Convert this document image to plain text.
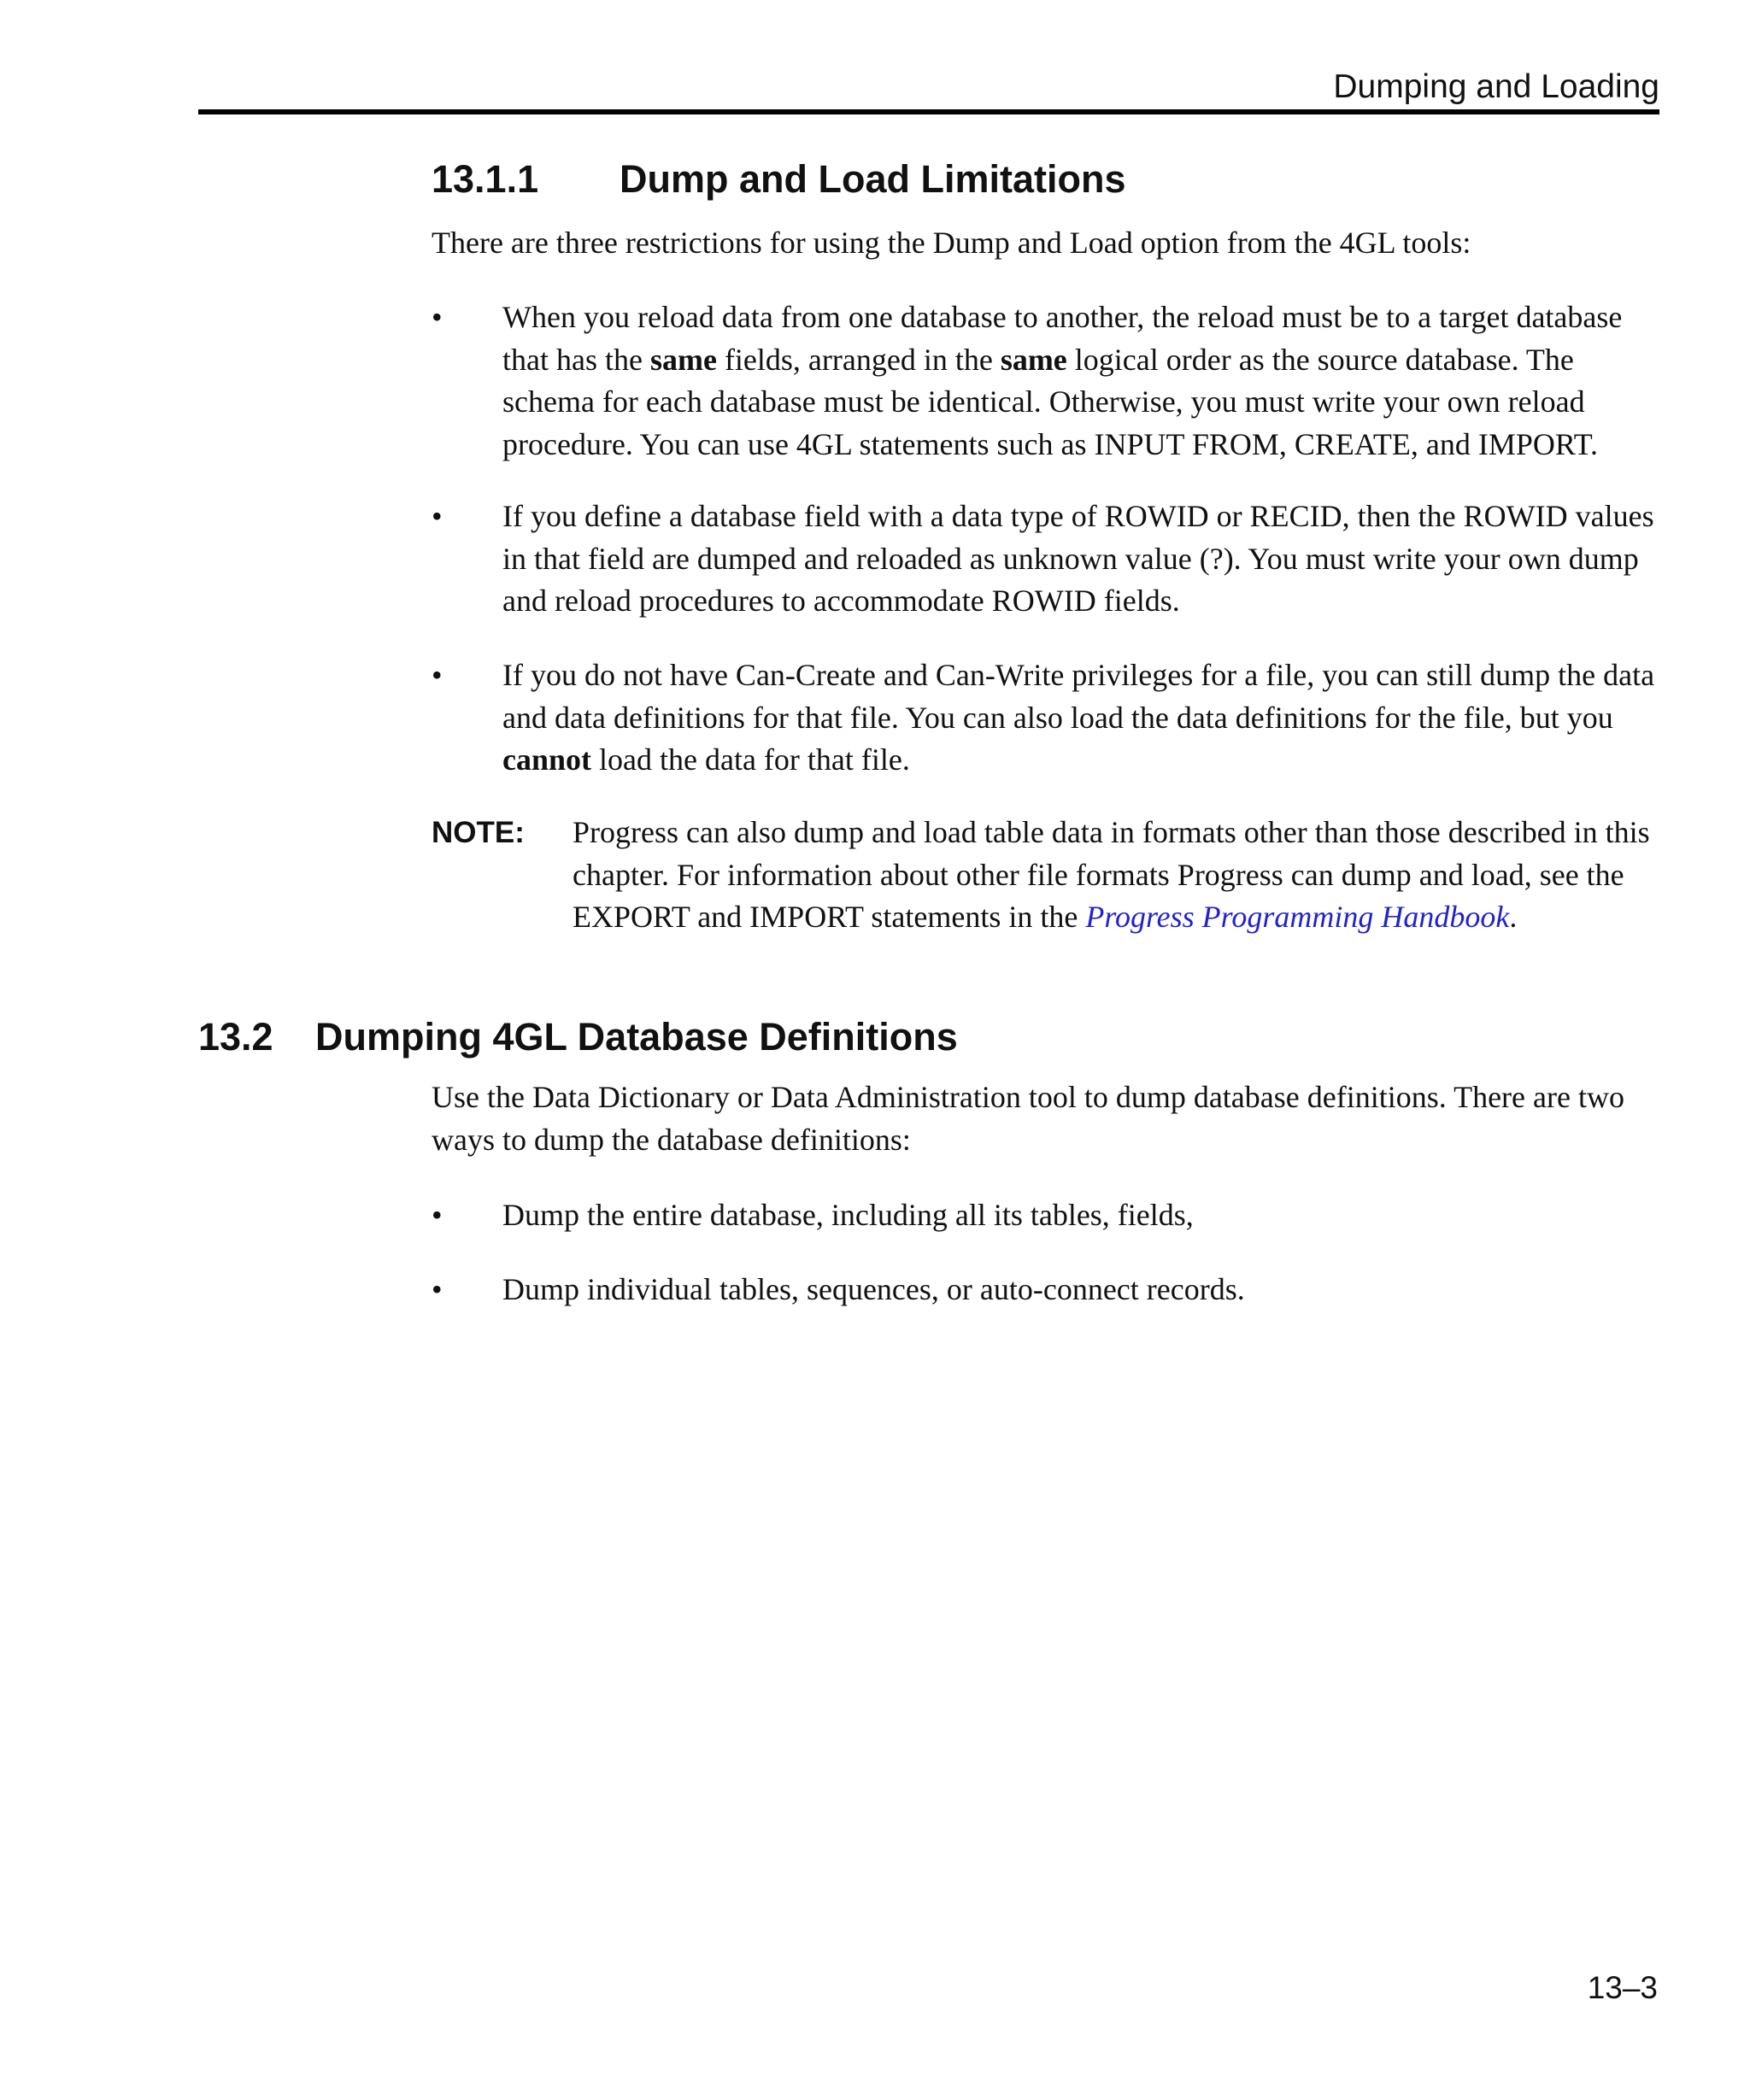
Dumping and Loading
13.1.1 Dump and Load Limitations

There are three restrictions for using the Dump and Load option from the 4GL tools:

•	When you reload data from one database to another, the reload must be to a target database that has the same fields, arranged in the same logical order as the source database. The schema for each database must be identical. Otherwise, you must write your own reload procedure. You can use 4GL statements such as INPUT FROM, CREATE, and IMPORT.
•	If you define a database field with a data type of ROWID or RECID, then the ROWID values in that field are dumped and reloaded as unknown value (?). You must write your own dump and reload procedures to accommodate ROWID fields.
•	If you do not have Can-Create and Can-Write privileges for a file, you can still dump the data and data definitions for that file. You can also load the data definitions for the file, but you cannot load the data for that file.
NOTE: Progress can also dump and load table data in formats other than those described in this chapter. For information about other file formats Progress can dump and load, see the EXPORT and IMPORT statements in the Progress Programming Handbook.
13.2 Dumping 4GL Database Definitions

Use the Data Dictionary or Data Administration tool to dump database definitions. There are two ways to dump the database definitions:

•	Dump the entire database, including all its tables, fields,
•	Dump individual tables, sequences, or auto-connect records.
13–3
